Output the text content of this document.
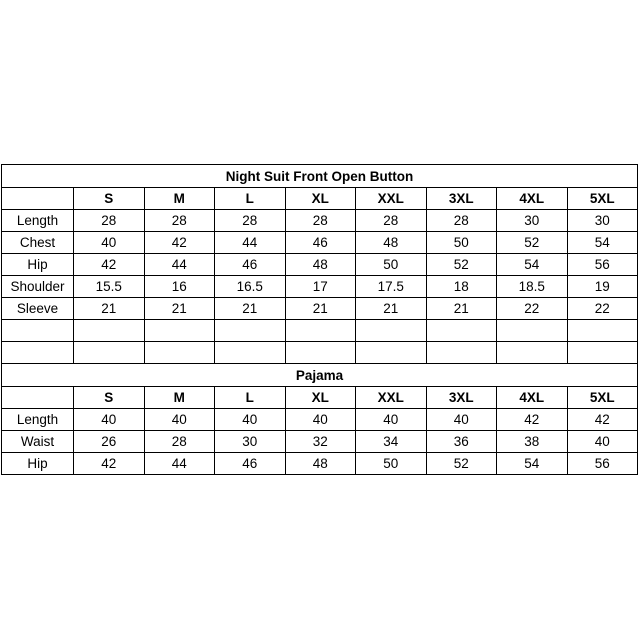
Night Suit Front Open Button								
	S	M	L	XL	XXL	3XL	4XL	5XL
Length	28	28	28	28	28	28	30	30
Chest	40	42	44	46	48	50	52	54
Hip	42	44	46	48	50	52	54	56
Shoulder	15.5	16	16.5	17	17.5	18	18.5	19
Sleeve	21	21	21	21	21	21	22	22

Pajama								
	S	M	L	XL	XXL	3XL	4XL	5XL
Length	40	40	40	40	40	40	42	42
Waist	26	28	30	32	34	36	38	40
Hip	42	44	46	48	50	52	54	56
